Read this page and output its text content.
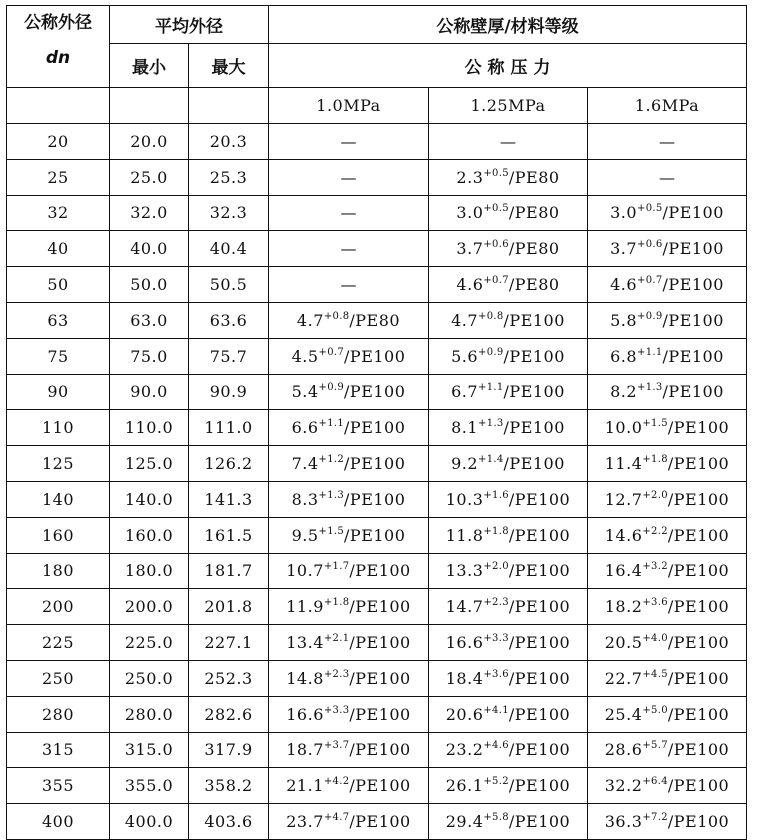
公称外径
dn	平均外径		公称壁厚/材料等级		
	最小	最大	公 称 压 力		
			1.0MPa	1.25MPa	1.6MPa
20	20.0	20.3	—	—	—
25	25.0	25.3	—	$2.3^{+0.5}/PE80$	—
32	32.0	32.3	—	$3.0^{+0.5}/PE80$	$3.0^{+0.5}/PE100$
40	40.0	40.4	—	$3.7^{+0.6}/PE80$	$3.7^{+0.6}/PE100$
50	50.0	50.5	—	$4.6^{+0.7}/PE80$	$4.6^{+0.7}/PE100$
63	63.0	63.6	$4.7^{+0.8}/PE80$	$4.7^{+0.8}/PE100$	$5.8^{+0.9}/PE100$
75	75.0	75.7	$4.5^{+0.7}/PE100$	$5.6^{+0.9}/PE100$	$6.8^{+1.1}/PE100$
90	90.0	90.9	$5.4^{+0.9}/PE100$	$6.7^{+1.1}/PE100$	$8.2^{+1.3}/PE100$
110	110.0	111.0	$6.6^{+1.1}/PE100$	$8.1^{+1.3}/PE100$	$10.0^{+1.5}/PE100$
125	125.0	126.2	$7.4^{+1.2}/PE100$	$9.2^{+1.4}/PE100$	$11.4^{+1.8}/PE100$
140	140.0	141.3	$8.3^{+1.3}/PE100$	$10.3^{+1.6}/PE100$	$12.7^{+2.0}/PE100$
160	160.0	161.5	$9.5^{+1.5}/PE100$	$11.8^{+1.8}/PE100$	$14.6^{+2.2}/PE100$
180	180.0	181.7	$10.7^{+1.7}/PE100$	$13.3^{+2.0}/PE100$	$16.4^{+3.2}/PE100$
200	200.0	201.8	$11.9^{+1.8}/PE100$	$14.7^{+2.3}/PE100$	$18.2^{+3.6}/PE100$
225	225.0	227.1	$13.4^{+2.1}/PE100$	$16.6^{+3.3}/PE100$	$20.5^{+4.0}/PE100$
250	250.0	252.3	$14.8^{+2.3}/PE100$	$18.4^{+3.6}/PE100$	$22.7^{+4.5}/PE100$
280	280.0	282.6	$16.6^{+3.3}/PE100$	$20.6^{+4.1}/PE100$	$25.4^{+5.0}/PE100$
315	315.0	317.9	$18.7^{+3.7}/PE100$	$23.2^{+4.6}/PE100$	$28.6^{+5.7}/PE100$
355	355.0	358.2	$21.1^{+4.2}/PE100$	$26.1^{+5.2}/PE100$	$32.2^{+6.4}/PE100$
400	400.0	403.6	$23.7^{+4.7}/PE100$	$29.4^{+5.8}/PE100$	$36.3^{+7.2}/PE100$
